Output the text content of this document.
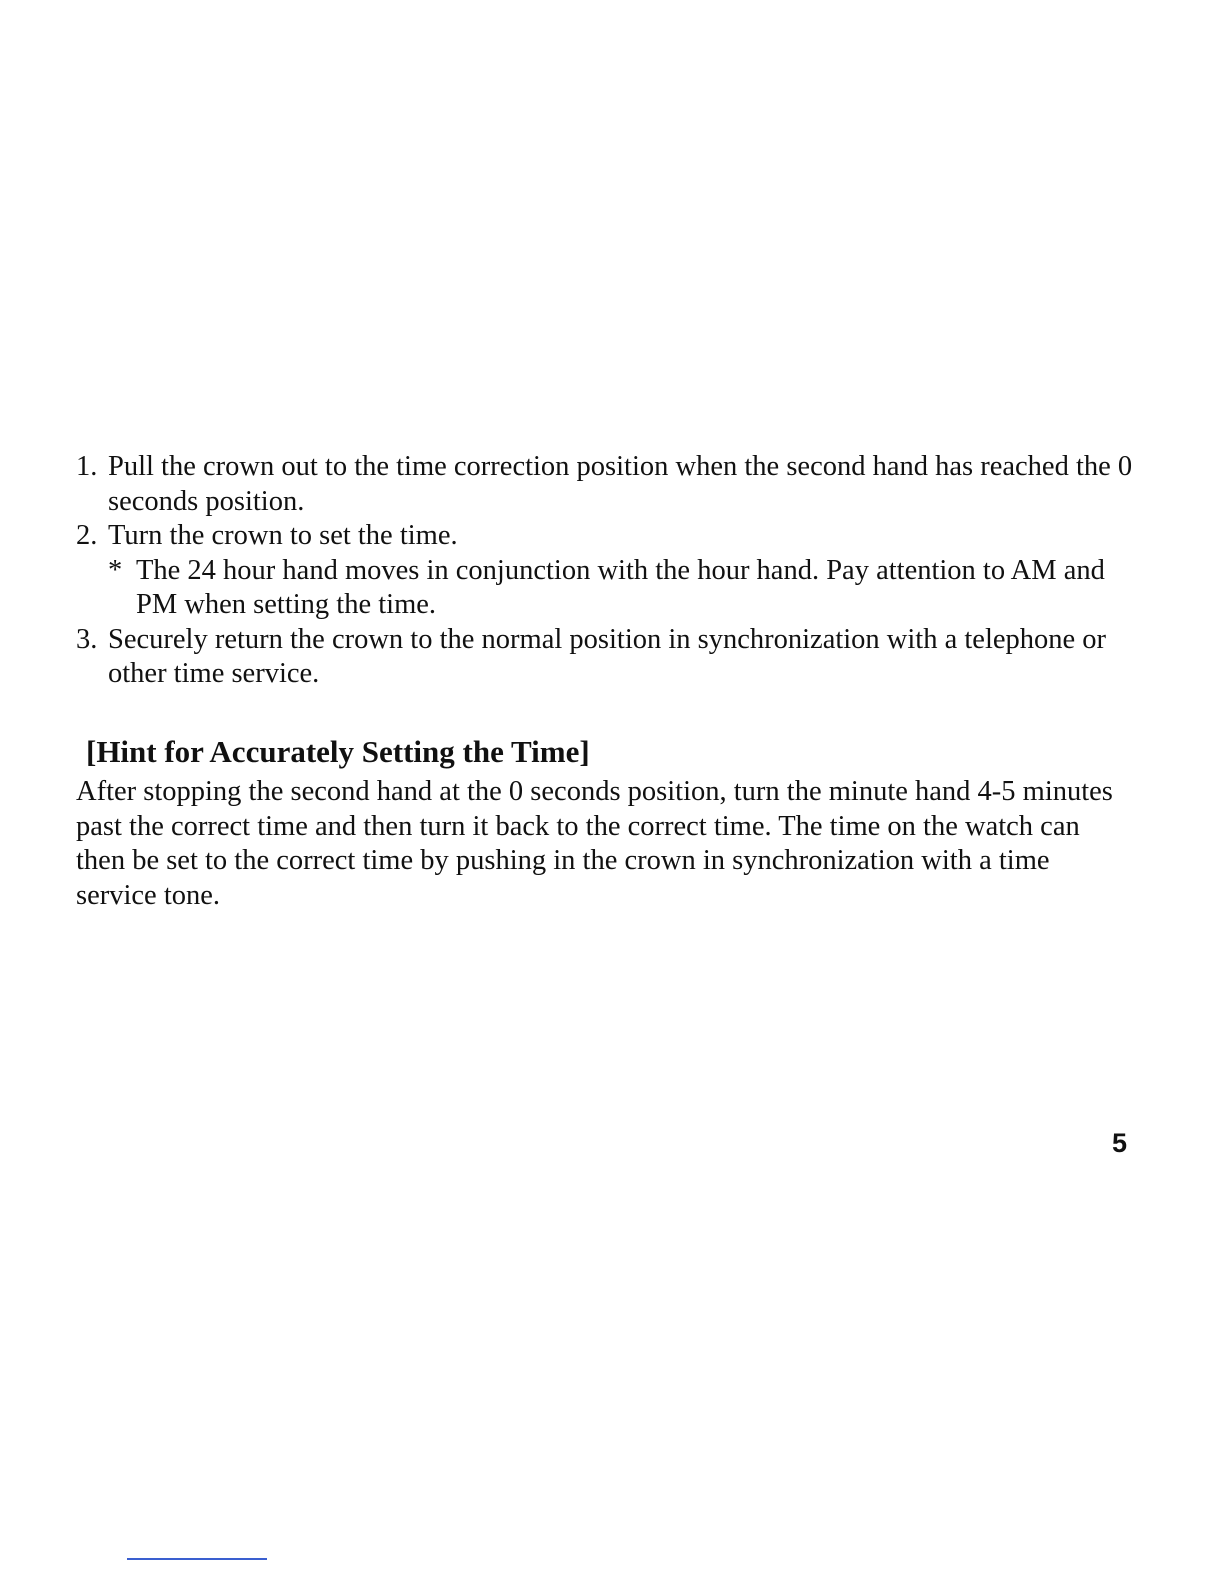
1. Pull the crown out to the time correction position when the second hand has reached the 0 seconds position.
2. Turn the crown to set the time.
* The 24 hour hand moves in conjunction with the hour hand. Pay attention to AM and PM when setting the time.
3. Securely return the crown to the normal position in synchronization with a telephone or other time service.
[Hint for Accurately Setting the Time]

After stopping the second hand at the 0 seconds position, turn the minute hand 4-5 minutes past the correct time and then turn it back to the correct time. The time on the watch can then be set to the correct time by pushing in the crown in synchronization with a time service tone.

5
